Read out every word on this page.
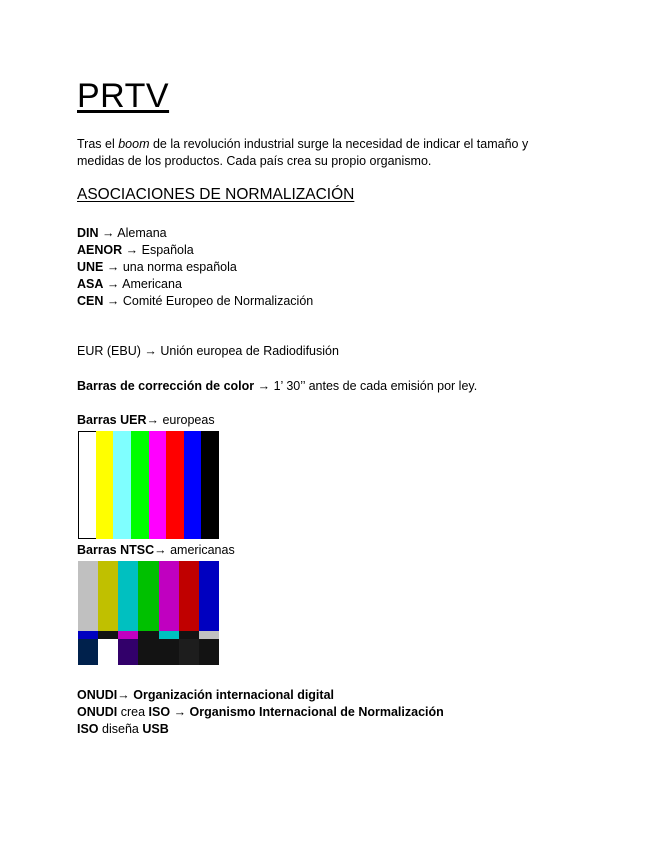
PRTV
Tras el boom de la revolución industrial surge la necesidad de indicar el tamaño y medidas de los productos. Cada país crea su propio organismo.
ASOCIACIONES DE NORMALIZACIÓN
DIN → Alemana
AENOR → Española
UNE → una norma española
ASA → Americana
CEN → Comité Europeo de Normalización
EUR (EBU) → Unión europea de Radiodifusión
Barras de corrección de color → 1’ 30’’ antes de cada emisión por ley.
Barras UER→ europeas
Barras NTSC→ americanas
ONUDI→ Organización internacional digital
ONUDI crea ISO → Organismo Internacional de Normalización
ISO diseña USB
